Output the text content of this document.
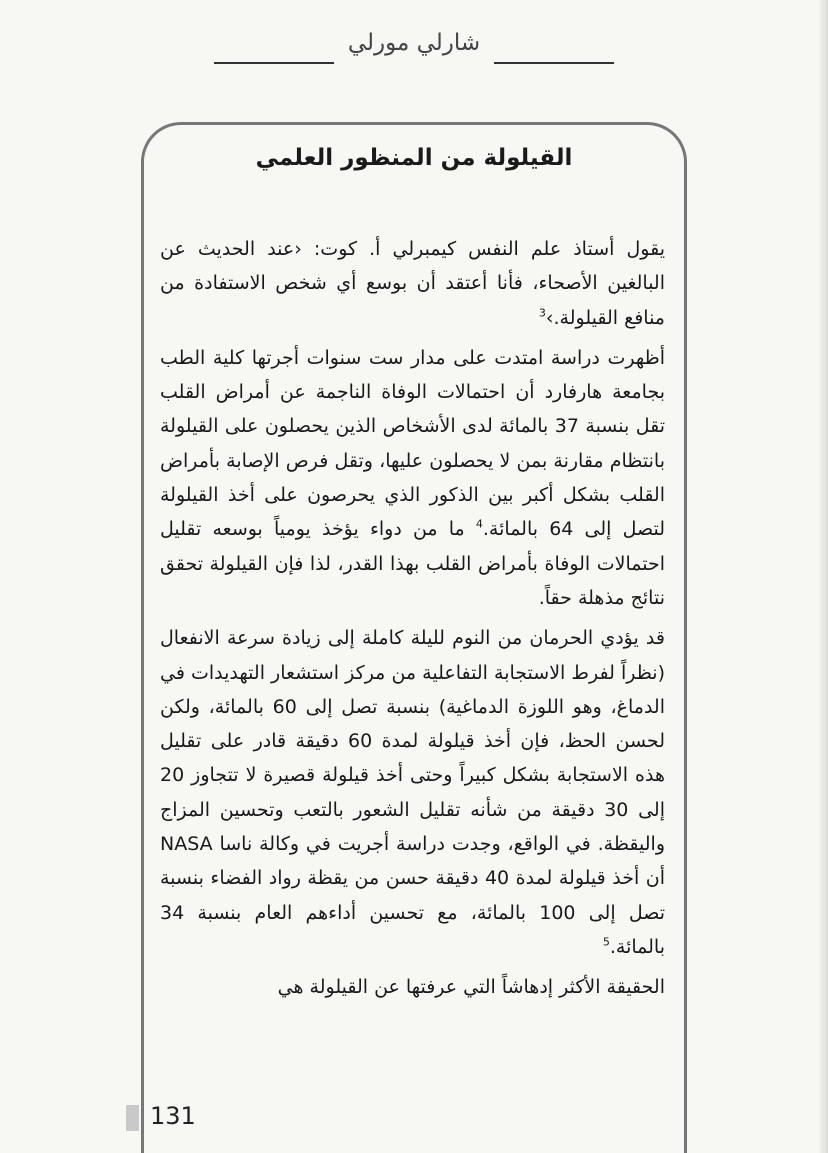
شارلي مورلي
القيلولة من المنظور العلمي

يقول أستاذ علم النفس كيمبرلي أ. كوت: ‹عند الحديث عن البالغين الأصحاء، فأنا أعتقد أن بوسع أي شخص الاستفادة من منافع القيلولة.›$^3$

أظهرت دراسة امتدت على مدار ست سنوات أجرتها كلية الطب بجامعة هارفارد أن احتمالات الوفاة الناجمة عن أمراض القلب تقل بنسبة 37 بالمائة لدى الأشخاص الذين يحصلون على القيلولة بانتظام مقارنة بمن لا يحصلون عليها، وتقل فرص الإصابة بأمراض القلب بشكل أكبر بين الذكور الذي يحرصون على أخذ القيلولة لتصل إلى 64 بالمائة.$^4$ ما من دواء يؤخذ يومياً بوسعه تقليل احتمالات الوفاة بأمراض القلب بهذا القدر، لذا فإن القيلولة تحقق نتائج مذهلة حقاً.

قد يؤدي الحرمان من النوم لليلة كاملة إلى زيادة سرعة الانفعال (نظراً لفرط الاستجابة التفاعلية من مركز استشعار التهديدات في الدماغ، وهو اللوزة الدماغية) بنسبة تصل إلى 60 بالمائة، ولكن لحسن الحظ، فإن أخذ قيلولة لمدة 60 دقيقة قادر على تقليل هذه الاستجابة بشكل كبيراً وحتى أخذ قيلولة قصيرة لا تتجاوز 20 إلى 30 دقيقة من شأنه تقليل الشعور بالتعب وتحسين المزاج واليقظة. في الواقع، وجدت دراسة أجريت في وكالة ناسا NASA أن أخذ قيلولة لمدة 40 دقيقة حسن من يقظة رواد الفضاء بنسبة تصل إلى 100 بالمائة، مع تحسين أداءهم العام بنسبة 34 بالمائة.$^5$

الحقيقة الأكثر إدهاشاً التي عرفتها عن القيلولة هي

131
